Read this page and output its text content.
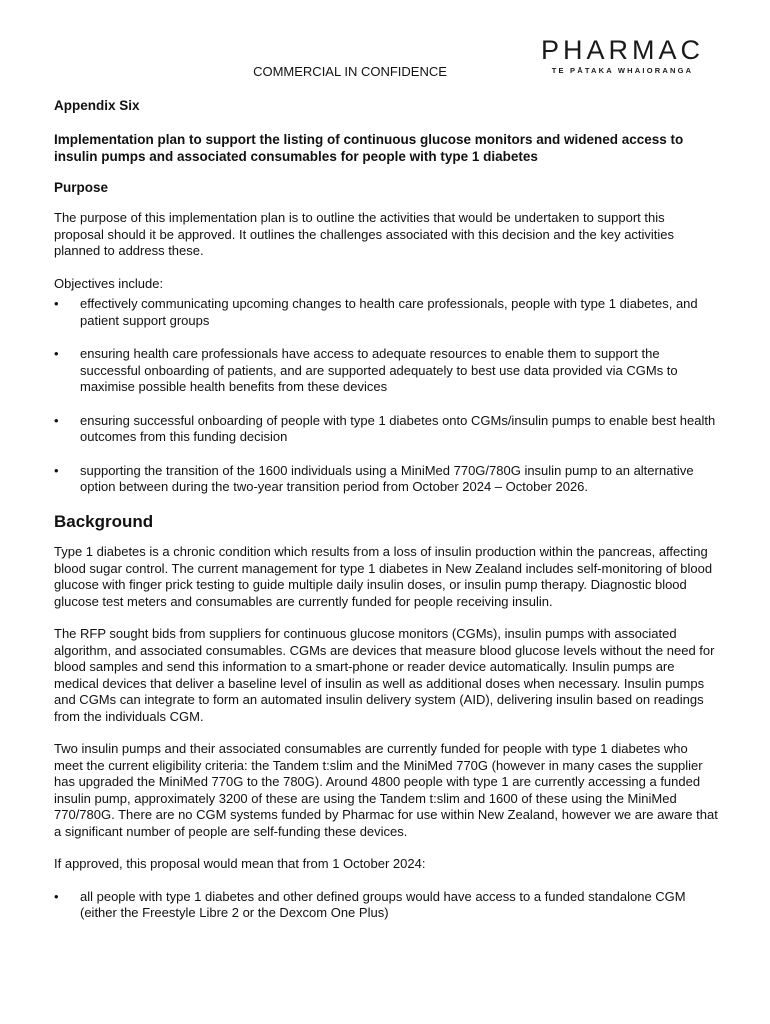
PHARMAC
TE PĀTAKA WHAIORANGA
COMMERCIAL IN CONFIDENCE
Appendix Six
Implementation plan to support the listing of continuous glucose monitors and widened access to insulin pumps and associated consumables for people with type 1 diabetes
Purpose

The purpose of this implementation plan is to outline the activities that would be undertaken to support this proposal should it be approved. It outlines the challenges associated with this decision and the key activities planned to address these.

Objectives include:

• effectively communicating upcoming changes to health care professionals, people with type 1 diabetes, and patient support groups
• ensuring health care professionals have access to adequate resources to enable them to support the successful onboarding of patients, and are supported adequately to best use data provided via CGMs to maximise possible health benefits from these devices
• ensuring successful onboarding of people with type 1 diabetes onto CGMs/insulin pumps to enable best health outcomes from this funding decision
• supporting the transition of the 1600 individuals using a MiniMed 770G/780G insulin pump to an alternative option between during the two-year transition period from October 2024 – October 2026.
Background

Type 1 diabetes is a chronic condition which results from a loss of insulin production within the pancreas, affecting blood sugar control. The current management for type 1 diabetes in New Zealand includes self-monitoring of blood glucose with finger prick testing to guide multiple daily insulin doses, or insulin pump therapy. Diagnostic blood glucose test meters and consumables are currently funded for people receiving insulin.

The RFP sought bids from suppliers for continuous glucose monitors (CGMs), insulin pumps with associated algorithm, and associated consumables. CGMs are devices that measure blood glucose levels without the need for blood samples and send this information to a smart-phone or reader device automatically. Insulin pumps are medical devices that deliver a baseline level of insulin as well as additional doses when necessary. Insulin pumps and CGMs can integrate to form an automated insulin delivery system (AID), delivering insulin based on readings from the individuals CGM.

Two insulin pumps and their associated consumables are currently funded for people with type 1 diabetes who meet the current eligibility criteria: the Tandem t:slim and the MiniMed 770G (however in many cases the supplier has upgraded the MiniMed 770G to the 780G). Around 4800 people with type 1 are currently accessing a funded insulin pump, approximately 3200 of these are using the Tandem t:slim and 1600 of these using the MiniMed 770/780G. There are no CGM systems funded by Pharmac for use within New Zealand, however we are aware that a significant number of people are self-funding these devices.

If approved, this proposal would mean that from 1 October 2024:

• all people with type 1 diabetes and other defined groups would have access to a funded standalone CGM (either the Freestyle Libre 2 or the Dexcom One Plus)
